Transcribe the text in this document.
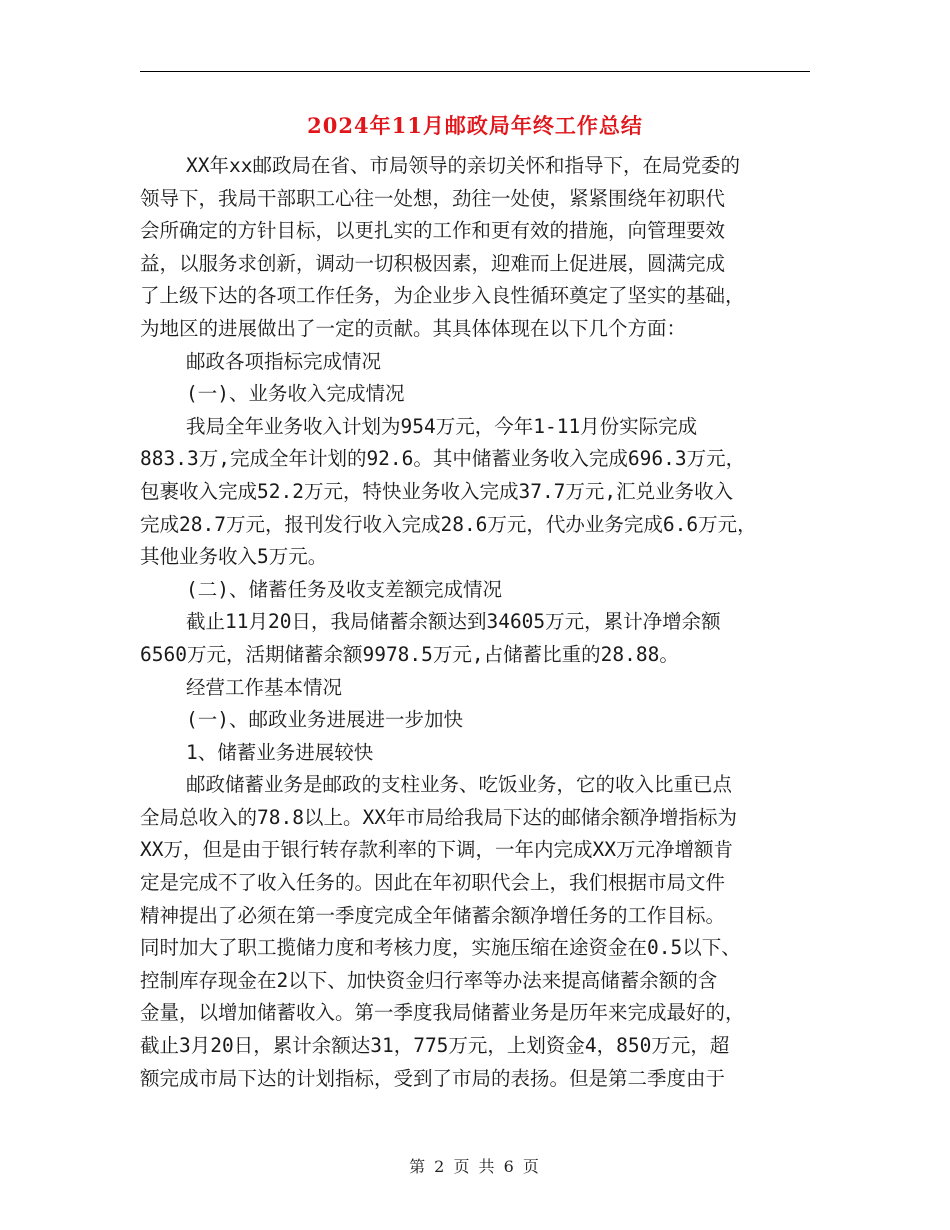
2024年11月邮政局年终工作总结
XX年xx邮政局在省、市局领导的亲切关怀和指导下，在局党委的
领导下，我局干部职工心往一处想，劲往一处使，紧紧围绕年初职代
会所确定的方针目标，以更扎实的工作和更有效的措施，向管理要效
益，以服务求创新，调动一切积极因素，迎难而上促进展，圆满完成
了上级下达的各项工作任务，为企业步入良性循环奠定了坚实的基础，
为地区的进展做出了一定的贡献。其具体体现在以下几个方面：
邮政各项指标完成情况
(一)、业务收入完成情况
我局全年业务收入计划为954万元，今年1-11月份实际完成
883.3万,完成全年计划的92.6。其中储蓄业务收入完成696.3万元，
包裹收入完成52.2万元，特快业务收入完成37.7万元,汇兑业务收入
完成28.7万元，报刊发行收入完成28.6万元，代办业务完成6.6万元，
其他业务收入5万元。
(二)、储蓄任务及收支差额完成情况
截止11月20日，我局储蓄余额达到34605万元，累计净增余额
6560万元，活期储蓄余额9978.5万元,占储蓄比重的28.88。
经营工作基本情况
(一)、邮政业务进展进一步加快
1、储蓄业务进展较快
邮政储蓄业务是邮政的支柱业务、吃饭业务，它的收入比重已点
全局总收入的78.8以上。XX年市局给我局下达的邮储余额净增指标为
XX万，但是由于银行转存款利率的下调，一年内完成XX万元净增额肯
定是完成不了收入任务的。因此在年初职代会上，我们根据市局文件
精神提出了必须在第一季度完成全年储蓄余额净增任务的工作目标。
同时加大了职工揽储力度和考核力度，实施压缩在途资金在0.5以下、
控制库存现金在2以下、加快资金归行率等办法来提高储蓄余额的含
金量，以增加储蓄收入。第一季度我局储蓄业务是历年来完成最好的，
截止3月20日，累计余额达31，775万元，上划资金4，850万元，超
额完成市局下达的计划指标，受到了市局的表扬。但是第二季度由于
第 2 页 共 6 页
